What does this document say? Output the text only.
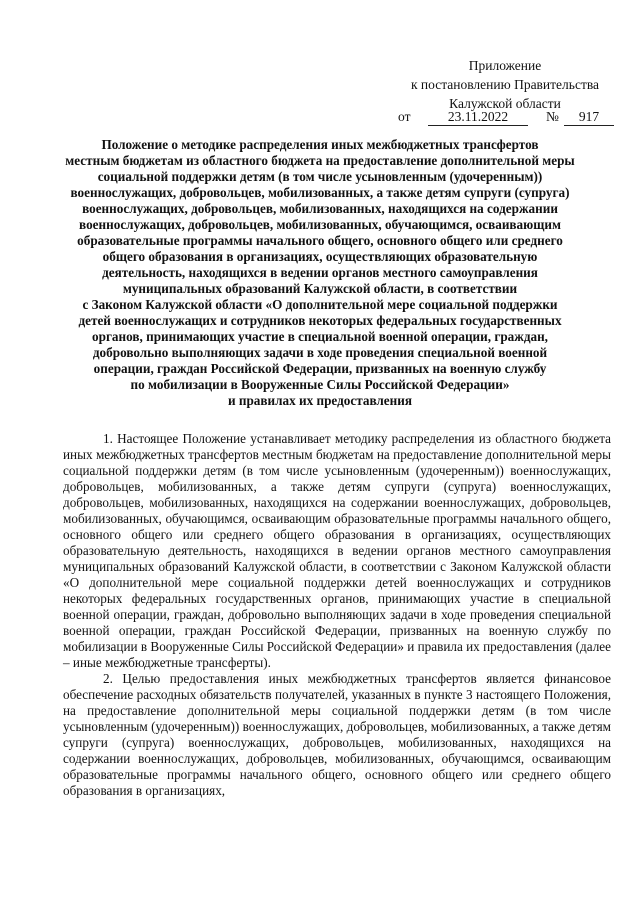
Приложение
к постановлению Правительства
Калужской области
от	23.11.2022	№	917
Положение о методике распределения иных межбюджетных трансфертов
местным бюджетам из областного бюджета на предоставление дополнительной меры
социальной поддержки детям (в том числе усыновленным (удочеренным))
военнослужащих, добровольцев, мобилизованных, а также детям супруги (супруга)
военнослужащих, добровольцев, мобилизованных, находящихся на содержании
военнослужащих, добровольцев, мобилизованных, обучающимся, осваивающим
образовательные программы начального общего, основного общего или среднего
общего образования в организациях, осуществляющих образовательную
деятельность, находящихся в ведении органов местного самоуправления
муниципальных образований Калужской области, в соответствии
с Законом Калужской области «О дополнительной мере социальной поддержки
детей военнослужащих и сотрудников некоторых федеральных государственных
органов, принимающих участие в специальной военной операции, граждан,
добровольно выполняющих задачи в ходе проведения специальной военной
операции, граждан Российской Федерации, призванных на военную службу
по мобилизации в Вооруженные Силы Российской Федерации»
и правилах их предоставления

1. Настоящее Положение устанавливает методику распределения из областного бюджета иных межбюджетных трансфертов местным бюджетам на предоставление дополнительной меры социальной поддержки детям (в том числе усыновленным (удочеренным)) военнослужащих, добровольцев, мобилизованных, а также детям супруги (супруга) военнослужащих, добровольцев, мобилизованных, находящихся на содержании военнослужащих, добровольцев, мобилизованных, обучающимся, осваивающим образовательные программы начального общего, основного общего или среднего общего образования в организациях, осуществляющих образовательную деятельность, находящихся в ведении органов местного самоуправления муниципальных образований Калужской области, в соответствии с Законом Калужской области «О дополнительной мере социальной поддержки детей военнослужащих и сотрудников некоторых федеральных государственных органов, принимающих участие в специальной военной операции, граждан, добровольно выполняющих задачи в ходе проведения специальной военной операции, граждан Российской Федерации, призванных на военную службу по мобилизации в Вооруженные Силы Российской Федерации» и правила их предоставления (далее – иные межбюджетные трансферты).

2. Целью предоставления иных межбюджетных трансфертов является финансовое обеспечение расходных обязательств получателей, указанных в пункте 3 настоящего Положения, на предоставление дополнительной меры социальной поддержки детям (в том числе усыновленным (удочеренным)) военнослужащих, добровольцев, мобилизованных, а также детям супруги (супруга) военнослужащих, добровольцев, мобилизованных, находящихся на содержании военнослужащих, добровольцев, мобилизованных, обучающимся, осваивающим образовательные программы начального общего, основного общего или среднего общего образования в организациях,
